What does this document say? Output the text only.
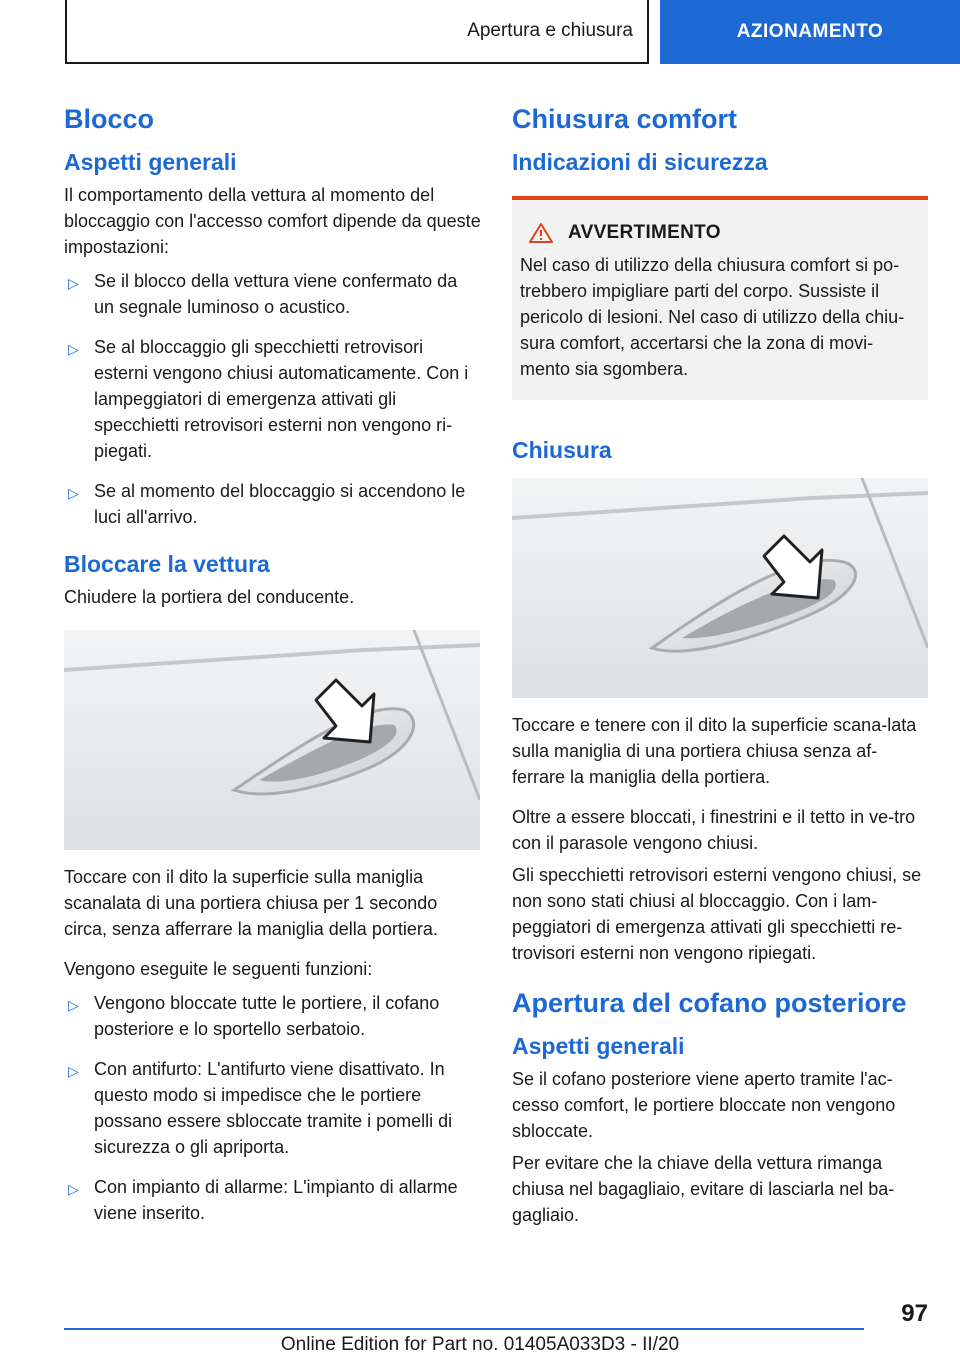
Apertura e chiusura	AZIONAMENTO
Blocco
Aspetti generali

Il comportamento della vettura al momento del bloccaggio con l'accesso comfort dipende da queste impostazioni:

▷ Se il blocco della vettura viene confermato da un segnale luminoso o acustico.
▷ Se al bloccaggio gli specchietti retrovisori esterni vengono chiusi automaticamente. Con i lampeggiatori di emergenza attivati gli specchietti retrovisori esterni non vengono ri-piegati.
▷ Se al momento del bloccaggio si accendono le luci all'arrivo.
Bloccare la vettura

Chiudere la portiera del conducente.

Toccare con il dito la superficie sulla maniglia scanalata di una portiera chiusa per 1 secondo circa, senza afferrare la maniglia della portiera.

Vengono eseguite le seguenti funzioni:

▷ Vengono bloccate tutte le portiere, il cofano posteriore e lo sportello serbatoio.
▷ Con antifurto: L'antifurto viene disattivato. In questo modo si impedisce che le portiere possano essere sbloccate tramite i pomelli di sicurezza o gli apriporta.
▷ Con impianto di allarme: L'impianto di allarme viene inserito.
Chiusura comfort
Indicazioni di sicurezza
AVVERTIMENTO

Nel caso di utilizzo della chiusura comfort si po-trebbero impigliare parti del corpo. Sussiste il pericolo di lesioni. Nel caso di utilizzo della chiu-sura comfort, accertarsi che la zona di movi-mento sia sgombera.

Chiusura

Toccare e tenere con il dito la superficie scana-lata sulla maniglia di una portiera chiusa senza af-ferrare la maniglia della portiera.

Oltre a essere bloccati, i finestrini e il tetto in ve-tro con il parasole vengono chiusi.

Gli specchietti retrovisori esterni vengono chiusi, se non sono stati chiusi al bloccaggio. Con i lam-peggiatori di emergenza attivati gli specchietti re-trovisori esterni non vengono ripiegati.

Apertura del cofano posteriore
Aspetti generali

Se il cofano posteriore viene aperto tramite l'ac-cesso comfort, le portiere bloccate non vengono sbloccate.

Per evitare che la chiave della vettura rimanga chiusa nel bagagliaio, evitare di lasciarla nel ba-gagliaio.

97
Online Edition for Part no. 01405A033D3 - II/20
